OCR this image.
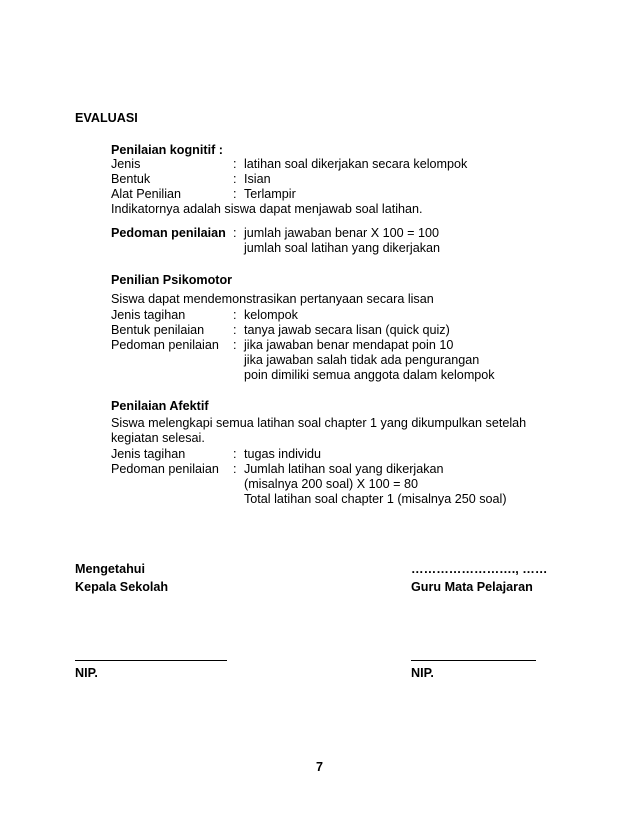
EVALUASI
Penilaian kognitif :
Jenis	: latihan soal dikerjakan secara kelompok
Bentuk	: Isian
Alat Penilian	: Terlampir
Indikatornya adalah siswa dapat menjawab soal latihan.
Pedoman penilaian : jumlah jawaban benar X 100 = 100
jumlah soal latihan yang dikerjakan
Penilian Psikomotor
Siswa dapat mendemonstrasikan pertanyaan secara lisan
Jenis tagihan	: kelompok
Bentuk penilaian : tanya jawab secara lisan (quick quiz)
Pedoman penilaian : jika jawaban benar mendapat poin 10
jika jawaban salah tidak ada pengurangan
poin dimiliki semua anggota dalam kelompok
Penilaian Afektif
Siswa melengkapi semua latihan soal chapter 1 yang dikumpulkan setelah
kegiatan selesai.
Jenis tagihan	: tugas individu
Pedoman penilaian : Jumlah latihan soal yang dikerjakan
(misalnya 200 soal) X 100 = 80
Total latihan soal chapter 1 (misalnya 250 soal)
Mengetahui
Kepala Sekolah
……………………., ……
Guru Mata Pelajaran
NIP.	NIP.
7
